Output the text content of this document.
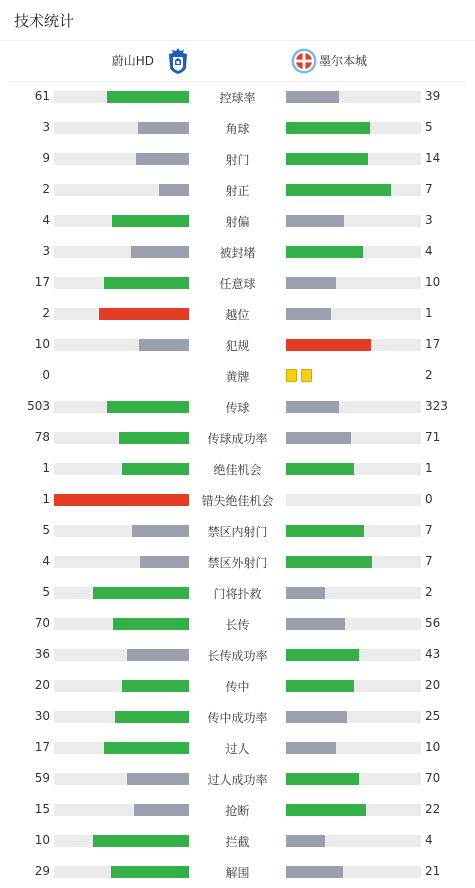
技术统计
蔚山HD	墨尔本城
61	控球率	39
3	角球	5
9	射门	14
2	射正	7
4	射偏	3
3	被封堵	4
17	任意球	10
2	越位	1
10	犯规	17
0	黄牌	2
503	传球	323
78	传球成功率	71
1	绝佳机会	1
1	错失绝佳机会	0
5	禁区内射门	7
4	禁区外射门	7
5	门将扑救	2
70	长传	56
36	长传成功率	43
20	传中	20
30	传中成功率	25
17	过人	10
59	过人成功率	70
15	抢断	22
10	拦截	4
29	解围	21
